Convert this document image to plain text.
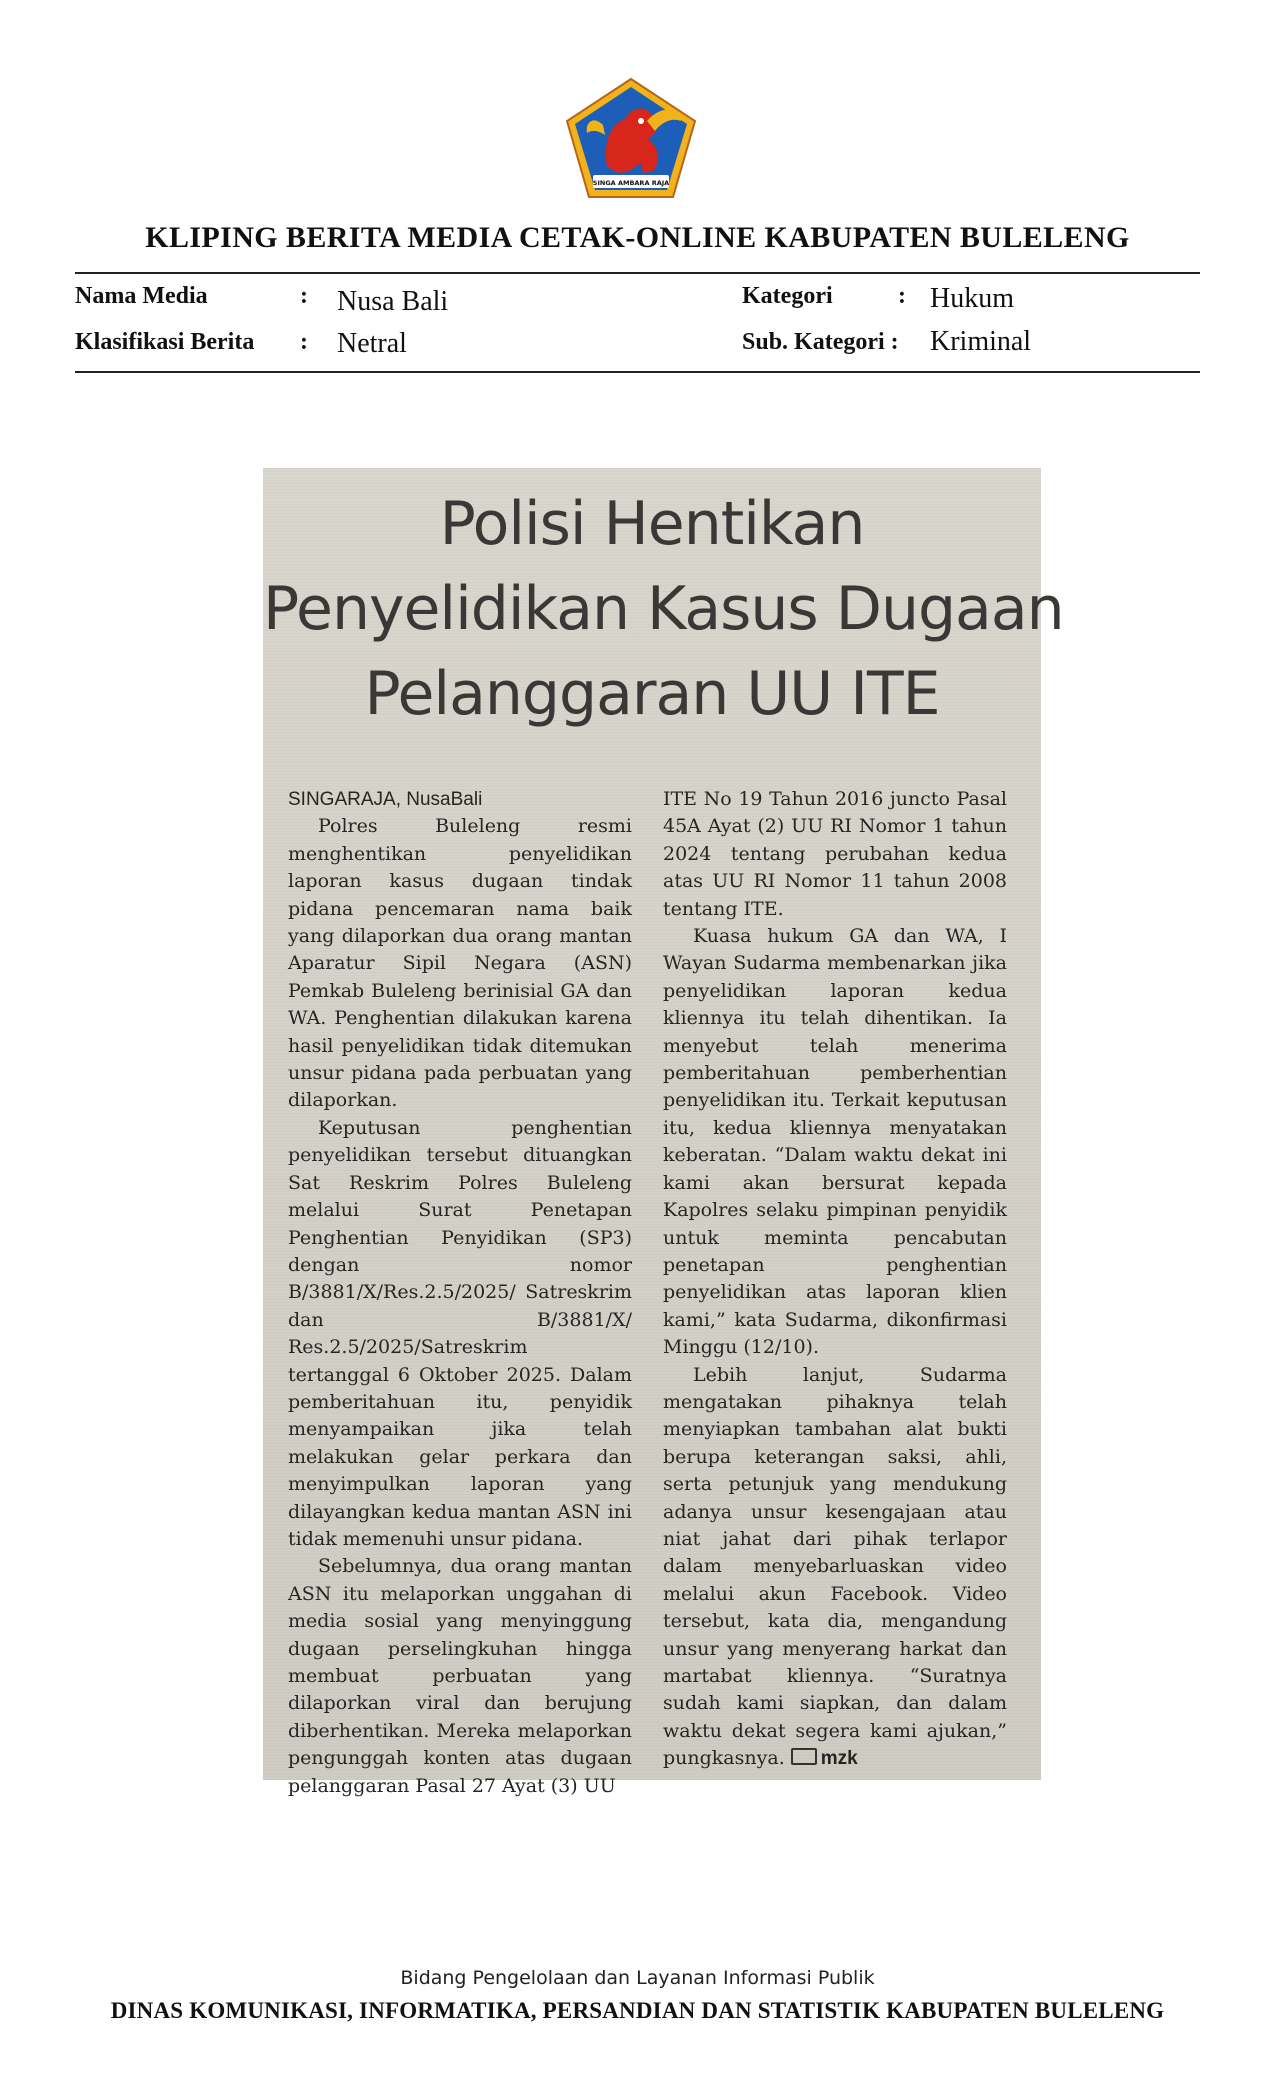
SINGA AMBARA RAJA
KLIPING BERITA MEDIA CETAK-ONLINE KABUPATEN BULELENG
Nama Media	: Nusa Bali	Kategori	: Hukum
Klasifikasi Berita : Netral	Sub. Kategori : Kriminal
Polisi Hentikan
Penyelidikan Kasus Dugaan
Pelanggaran UU ITE
SINGARAJA, NusaBali

Polres Buleleng resmi menghentikan penyelidikan laporan kasus dugaan tindak pidana pencemaran nama baik yang dilaporkan dua orang mantan Aparatur Sipil Negara (ASN) Pemkab Buleleng berinisial GA dan WA. Penghentian dilakukan karena hasil penyelidikan tidak ditemukan unsur pidana pada perbuatan yang dilaporkan.

Keputusan penghentian penyelidikan tersebut dituangkan Sat Reskrim Polres Buleleng melalui Surat Penetapan Penghentian Penyidikan (SP3) dengan nomor B/3881/X/Res.2.5/2025/ Satreskrim dan B/3881/X/ Res.2.5/2025/Satreskrim tertanggal 6 Oktober 2025. Dalam pemberitahuan itu, penyidik menyampaikan jika telah melakukan gelar perkara dan menyimpulkan laporan yang dilayangkan kedua mantan ASN ini tidak memenuhi unsur pidana.

Sebelumnya, dua orang mantan ASN itu melaporkan unggahan di media sosial yang menyinggung dugaan perselingkuhan hingga membuat perbuatan yang dilaporkan viral dan berujung diberhentikan. Mereka melaporkan pengunggah konten atas dugaan pelanggaran Pasal 27 Ayat (3) UU

ITE No 19 Tahun 2016 juncto Pasal 45A Ayat (2) UU RI Nomor 1 tahun 2024 tentang perubahan kedua atas UU RI Nomor 11 tahun 2008 tentang ITE.

Kuasa hukum GA dan WA, I Wayan Sudarma membenarkan jika penyelidikan laporan kedua kliennya itu telah dihentikan. Ia menyebut telah menerima pemberitahuan pemberhentian penyelidikan itu. Terkait keputusan itu, kedua kliennya menyatakan keberatan. “Dalam waktu dekat ini kami akan bersurat kepada Kapolres selaku pimpinan penyidik untuk meminta pencabutan penetapan penghentian penyelidikan atas laporan klien kami,” kata Sudarma, dikonfirmasi Minggu (12/10).

Lebih lanjut, Sudarma mengatakan pihaknya telah menyiapkan tambahan alat bukti berupa keterangan saksi, ahli, serta petunjuk yang mendukung adanya unsur kesengajaan atau niat jahat dari pihak terlapor dalam menyebarluaskan video melalui akun Facebook. Video tersebut, kata dia, mengandung unsur yang menyerang harkat dan martabat kliennya. “Suratnya sudah kami siapkan, dan dalam waktu dekat segera kami ajukan,” pungkasnya. mzk

Bidang Pengelolaan dan Layanan Informasi Publik
DINAS KOMUNIKASI, INFORMATIKA, PERSANDIAN DAN STATISTIK KABUPATEN BULELENG
